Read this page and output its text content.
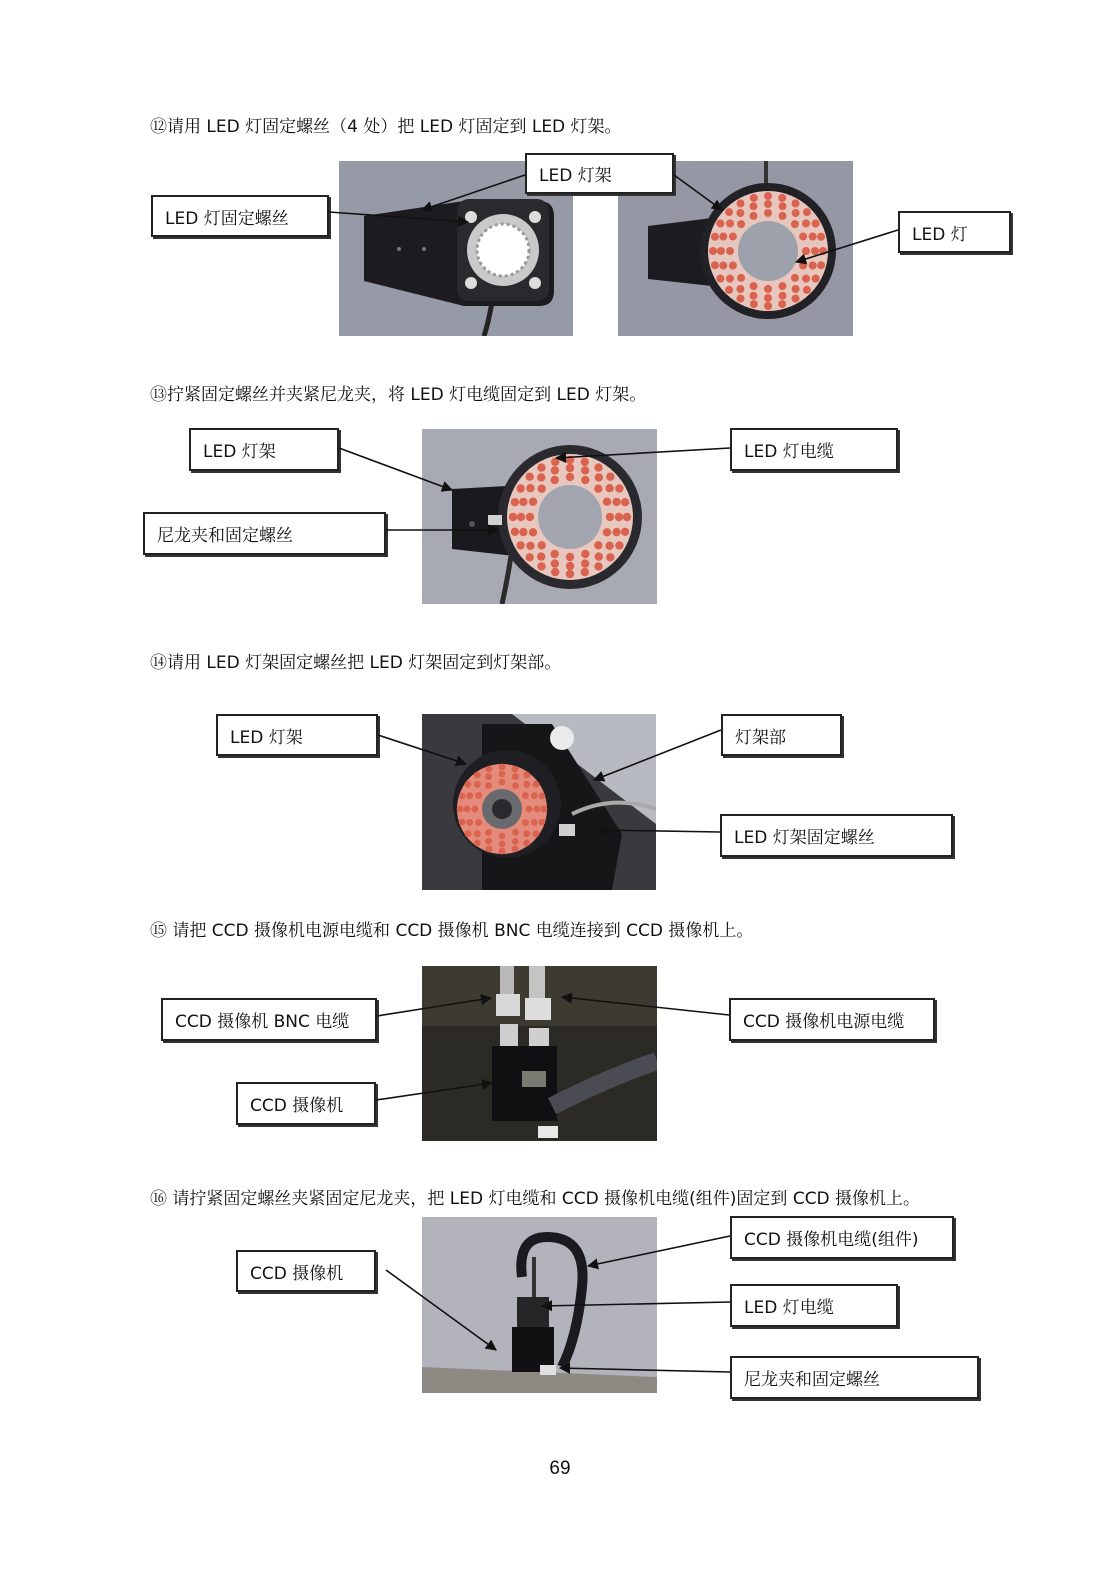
⑫请用 LED 灯固定螺丝（4 处）把 LED 灯固定到 LED 灯架。
⑬拧紧固定螺丝并夹紧尼龙夹，将 LED 灯电缆固定到 LED 灯架。
⑭请用 LED 灯架固定螺丝把 LED 灯架固定到灯架部。
⑮ 请把 CCD 摄像机电源电缆和 CCD 摄像机 BNC 电缆连接到 CCD 摄像机上。
⑯ 请拧紧固定螺丝夹紧固定尼龙夹，把 LED 灯电缆和 CCD 摄像机电缆(组件)固定到 CCD 摄像机上。
LED 灯架
LED 灯固定螺丝
LED 灯
LED 灯架
尼龙夹和固定螺丝
LED 灯电缆
LED 灯架	灯架部
LED 灯架固定螺丝
CCD 摄像机 BNC 电缆
CCD 摄像机
CCD 摄像机电源电缆
CCD 摄像机
CCD 摄像机电缆(组件)
LED 灯电缆
尼龙夹和固定螺丝
69
